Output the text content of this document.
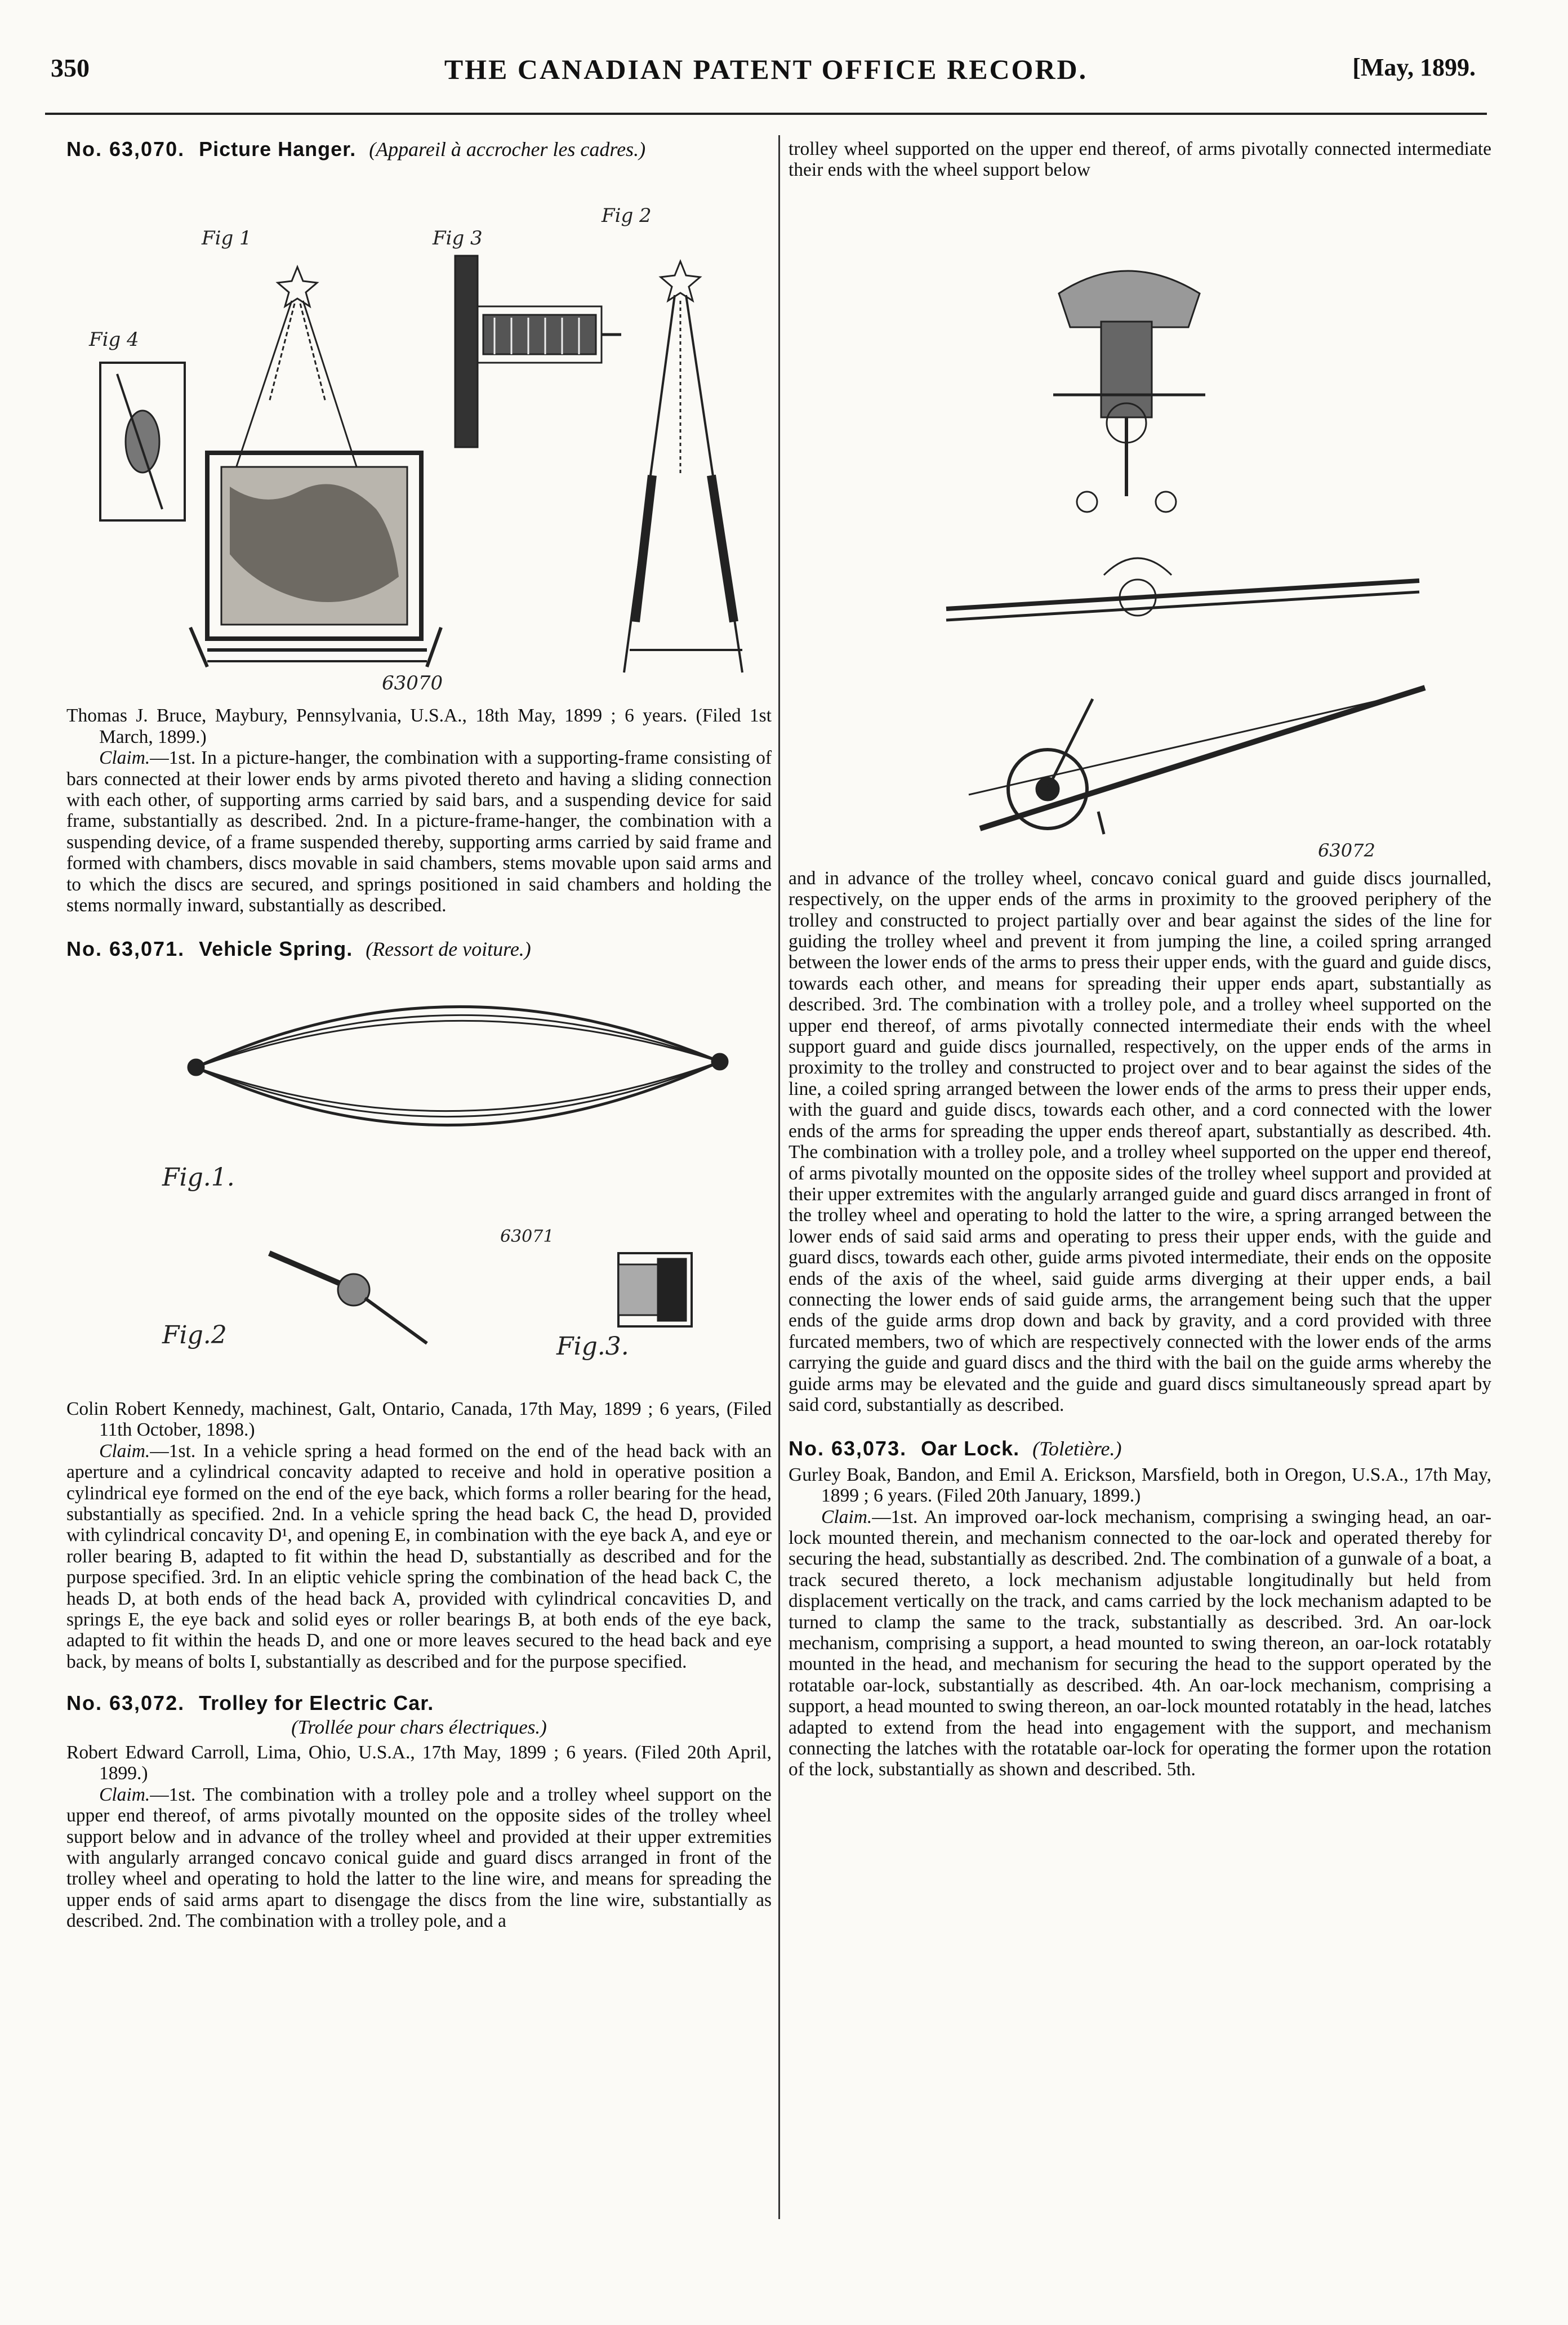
350	THE CANADIAN PATENT OFFICE RECORD.	[May, 1899.
No. 63,070. Picture Hanger. (Appareil à accrocher les cadres.)
Fig 1	Fig 3
Fig 2
Fig 4
63070

Thomas J. Bruce, Maybury, Pennsylvania, U.S.A., 18th May, 1899 ; 6 years. (Filed 1st March, 1899.)

Claim.—1st. In a picture-hanger, the combination with a supporting-frame consisting of bars connected at their lower ends by arms pivoted thereto and having a sliding connection with each other, of supporting arms carried by said bars, and a suspending device for said frame, substantially as described. 2nd. In a picture-frame-hanger, the combination with a suspending device, of a frame suspended thereby, supporting arms carried by said frame and formed with chambers, discs movable in said chambers, stems movable upon said arms and to which the discs are secured, and springs positioned in said chambers and holding the stems normally inward, substantially as described.

No. 63,071. Vehicle Spring. (Ressort de voiture.)
Fig.1.
Fig.2	Fig.3.
63071

Colin Robert Kennedy, machinest, Galt, Ontario, Canada, 17th May, 1899 ; 6 years, (Filed 11th October, 1898.)

Claim.—1st. In a vehicle spring a head formed on the end of the head back with an aperture and a cylindrical concavity adapted to receive and hold in operative position a cylindrical eye formed on the end of the eye back, which forms a roller bearing for the head, substantially as specified. 2nd. In a vehicle spring the head back C, the head D, provided with cylindrical concavity D¹, and opening E, in combination with the eye back A, and eye or roller bearing B, adapted to fit within the head D, substantially as described and for the purpose specified. 3rd. In an eliptic vehicle spring the combination of the head back C, the heads D, at both ends of the head back A, provided with cylindrical concavities D, and springs E, the eye back and solid eyes or roller bearings B, at both ends of the eye back, adapted to fit within the heads D, and one or more leaves secured to the head back and eye back, by means of bolts I, substantially as described and for the purpose specified.

No. 63,072. Trolley for Electric Car.
(Trollée pour chars électriques.)

Robert Edward Carroll, Lima, Ohio, U.S.A., 17th May, 1899 ; 6 years. (Filed 20th April, 1899.)

Claim.—1st. The combination with a trolley pole and a trolley wheel support on the upper end thereof, of arms pivotally mounted on the opposite sides of the trolley wheel support below and in advance of the trolley wheel and provided at their upper extremities with angularly arranged concavo conical guide and guard discs arranged in front of the trolley wheel and operating to hold the latter to the line wire, and means for spreading the upper ends of said arms apart to disengage the discs from the line wire, substantially as described. 2nd. The combination with a trolley pole, and a

trolley wheel supported on the upper end thereof, of arms pivotally connected intermediate their ends with the wheel support below

63072

and in advance of the trolley wheel, concavo conical guard and guide discs journalled, respectively, on the upper ends of the arms in proximity to the grooved periphery of the trolley and constructed to project partially over and bear against the sides of the line for guiding the trolley wheel and prevent it from jumping the line, a coiled spring arranged between the lower ends of the arms to press their upper ends, with the guard and guide discs, towards each other, and means for spreading their upper ends apart, substantially as described. 3rd. The combination with a trolley pole, and a trolley wheel supported on the upper end thereof, of arms pivotally connected intermediate their ends with the wheel support guard and guide discs journalled, respectively, on the upper ends of the arms in proximity to the trolley and constructed to project over and to bear against the sides of the line, a coiled spring arranged between the lower ends of the arms to press their upper ends, with the guard and guide discs, towards each other, and a cord connected with the lower ends of the arms for spreading the upper ends thereof apart, substantially as described. 4th. The combination with a trolley pole, and a trolley wheel supported on the upper end thereof, of arms pivotally mounted on the opposite sides of the trolley wheel support and provided at their upper extremites with the angularly arranged guide and guard discs arranged in front of the trolley wheel and operating to hold the latter to the wire, a spring arranged between the lower ends of said said arms and operating to press their upper ends, with the guide and guard discs, towards each other, guide arms pivoted intermediate, their ends on the opposite ends of the axis of the wheel, said guide arms diverging at their upper ends, a bail connecting the lower ends of said guide arms, the arrangement being such that the upper ends of the guide arms drop down and back by gravity, and a cord provided with three furcated members, two of which are respectively connected with the lower ends of the arms carrying the guide and guard discs and the third with the bail on the guide arms whereby the guide arms may be elevated and the guide and guard discs simultaneously spread apart by said cord, substantially as described.

No. 63,073. Oar Lock. (Toletière.)

Gurley Boak, Bandon, and Emil A. Erickson, Marsfield, both in Oregon, U.S.A., 17th May, 1899 ; 6 years. (Filed 20th January, 1899.)

Claim.—1st. An improved oar-lock mechanism, comprising a swinging head, an oar-lock mounted therein, and mechanism connected to the oar-lock and operated thereby for securing the head, substantially as described. 2nd. The combination of a gunwale of a boat, a track secured thereto, a lock mechanism adjustable longitudinally but held from displacement vertically on the track, and cams carried by the lock mechanism adapted to be turned to clamp the same to the track, substantially as described. 3rd. An oar-lock mechanism, comprising a support, a head mounted to swing thereon, an oar-lock rotatably mounted in the head, and mechanism for securing the head to the support operated by the rotatable oar-lock, substantially as described. 4th. An oar-lock mechanism, comprising a support, a head mounted to swing thereon, an oar-lock mounted rotatably in the head, latches adapted to extend from the head into engagement with the support, and mechanism connecting the latches with the rotatable oar-lock for operating the former upon the rotation of the lock, substantially as shown and described. 5th.
